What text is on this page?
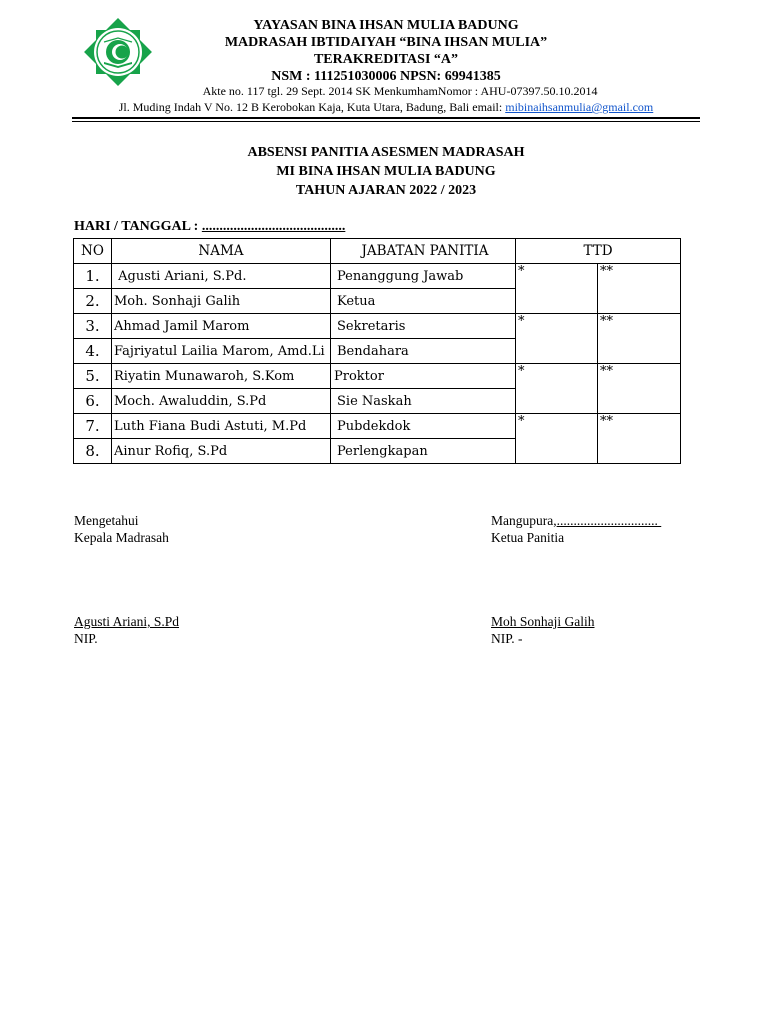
YAYASAN BINA IHSAN MULIA BADUNG
MADRASAH IBTIDAIYAH “BINA IHSAN MULIA”
TERAKREDITASI “A”
NSM : 111251030006 NPSN: 69941385
Akte no. 117 tgl. 29 Sept. 2014 SK MenkumhamNomor : AHU-07397.50.10.2014
Jl. Muding Indah V No. 12 B Kerobokan Kaja, Kuta Utara, Badung, Bali email: mibinaihsanmulia@gmail.com
ABSENSI PANITIA ASESMEN MADRASAH
MI BINA IHSAN MULIA BADUNG
TAHUN AJARAN 2022 / 2023
HARI / TANGGAL : .........................................
NO	NAMA	JABATAN PANITIA	TTD	
1.	Agusti Ariani, S.Pd.	Penanggung Jawab	*	**
2.	Moh. Sonhaji Galih	Ketua		
3.	Ahmad Jamil Marom	Sekretaris	*	**
4.	Fajriyatul Lailia Marom, Amd.Li	Bendahara		
5.	Riyatin Munawaroh, S.Kom	Proktor	*	**
6.	Moch. Awaluddin, S.Pd	Sie Naskah		
7.	Luth Fiana Budi Astuti, M.Pd	Pubdekdok	*	**
8.	Ainur Rofiq, S.Pd	Perlengkapan		
Mengetahui
Kepala Madrasah
Agusti Ariani, S.Pd
NIP.
Mangupura,..............................
Ketua Panitia
Moh Sonhaji Galih
NIP. -
